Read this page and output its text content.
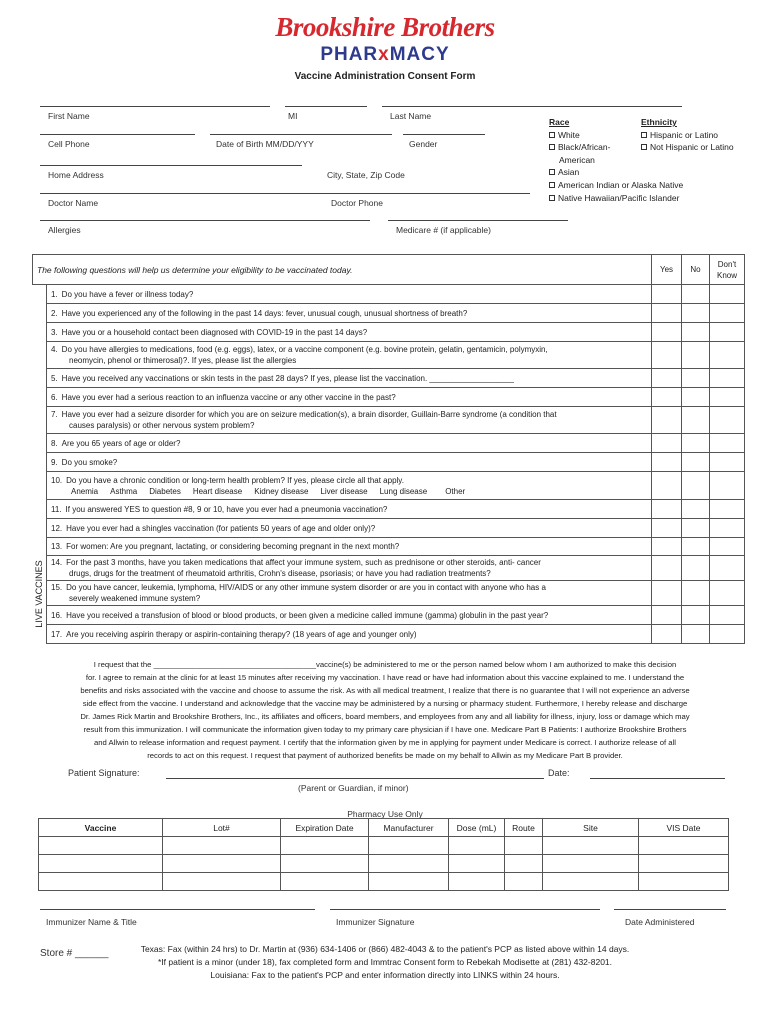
Brookshire Brothers
PHARxMACY
Vaccine Administration Consent Form
First Name	MI	Last Name
Cell Phone	Date of Birth MM/DD/YYY	Gender
Home Address	City, State, Zip Code
Doctor Name	Doctor Phone
Allergies	Medicare # (if applicable)
Race
White
Black/African-
American
Asian
American Indian or Alaska Native
Native Hawaiian/Pacific Islander
Ethnicity
Hispanic or Latino
Not Hispanic or Latino
The following questions will help us determine your eligibility to be vaccinated today.		Yes	No	Don't Know
	1. Do you have a fever or illness today?			
	2. Have you experienced any of the following in the past 14 days: fever, unusual cough, unusual shortness of breath?			
	3. Have you or a household contact been diagnosed with COVID-19 in the past 14 days?			
	4. Do you have allergies to medications, food (e.g. eggs), latex, or a vaccine component (e.g. bovine protein, gelatin, gentamicin, polymyxin,
neomycin, phenol or thimerosal)?. If yes, please list the allergies			
	5. Have you received any vaccinations or skin tests in the past 28 days? If yes, please list the vaccination. ___________________			
	6. Have you ever had a serious reaction to an influenza vaccine or any other vaccine in the past?			
	7. Have you ever had a seizure disorder for which you are on seizure medication(s), a brain disorder, Guillain-Barre syndrome (a condition that
causes paralysis) or other nervous system problem?			
	8. Are you 65 years of age or older?			
	9. Do you smoke?			
	10. Do you have a chronic condition or long-term health problem? If yes, please circle all that apply.
Anemia Asthma Diabetes Heart disease Kidney disease Liver disease Lung disease Other			
	11. If you answered YES to question #8, 9 or 10, have you ever had a pneumonia vaccination?			
	12. Have you ever had a shingles vaccination (for patients 50 years of age and older only)?			
	13. For women: Are you pregnant, lactating, or considering becoming pregnant in the next month?			
	14. For the past 3 months, have you taken medications that affect your immune system, such as prednisone or other steroids, anti- cancer
drugs, drugs for the treatment of rheumatoid arthritis, Crohn's disease, psoriasis; or have you had radiation treatments?			
	15. Do you have cancer, leukemia, lymphoma, HIV/AIDS or any other immune system disorder or are you in contact with anyone who has a
severely weakened immune system?			
	16. Have you received a transfusion of blood or blood products, or been given a medicine called immune (gamma) globulin in the past year?			
	17. Are you receiving aspirin therapy or aspirin-containing therapy? (18 years of age and younger only)			
LIVE VACCINES
I request that the ______________________________________vaccine(s) be administered to me or the person named below whom I am authorized to make this decision
for. I agree to remain at the clinic for at least 15 minutes after receiving my vaccination. I have read or have had information about this vaccine explained to me. I understand the
benefits and risks associated with the vaccine and choose to assume the risk. As with all medical treatment, I realize that there is no guarantee that I will not experience an adverse
side effect from the vaccine. I understand and acknowledge that the vaccine may be administered by a nursing or pharmacy student. Furthermore, I hereby release and discharge
Dr. James Rick Martin and Brookshire Brothers, Inc., its affiliates and officers, board members, and employees from any and all liability for illness, injury, loss or damage which may
result from this immunization. I will communicate the information given today to my primary care physician if I have one. Medicare Part B Patients: I authorize Brookshire Brothers
and Allwin to release information and request payment. I certify that the information given by me in applying for payment under Medicare is correct. I authorize release of all
records to act on this request. I request that payment of authorized benefits be made on my behalf to Allwin as my Medicare Part B provider.
Patient Signature:	Date:
(Parent or Guardian, if minor)
Pharmacy Use Only
Vaccine	Lot#	Expiration Date	Manufacturer	Dose (mL)	Route	Site	VIS Date

Immunizer Name & Title	Immunizer Signature	Date Administered
Store # ______	Texas: Fax (within 24 hrs) to Dr. Martin at (936) 634-1406 or (866) 482-4043 & to the patient's PCP as listed above within 14 days.
*If patient is a minor (under 18), fax completed form and Immtrac Consent form to Rebekah Modisette at (281) 432-8201.
Louisiana: Fax to the patient's PCP and enter information directly into LINKS within 24 hours.
